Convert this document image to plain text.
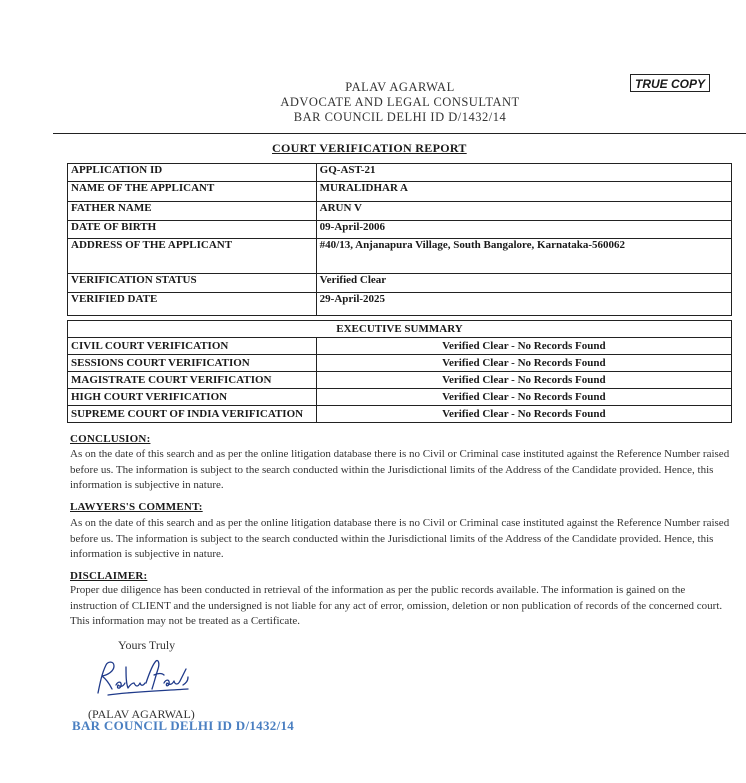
PALAV AGARWAL
ADVOCATE AND LEGAL CONSULTANT
BAR COUNCIL DELHI ID D/1432/14
TRUE COPY
COURT VERIFICATION REPORT
APPLICATION ID	GQ-AST-21
NAME OF THE APPLICANT	MURALIDHAR A
FATHER NAME	ARUN V
DATE OF BIRTH	09-April-2006
ADDRESS OF THE APPLICANT	#40/13, Anjanapura Village, South Bangalore, Karnataka-560062
VERIFICATION STATUS	Verified Clear
VERIFIED DATE	29-April-2025
EXECUTIVE SUMMARY	
CIVIL COURT VERIFICATION	Verified Clear - No Records Found
SESSIONS COURT VERIFICATION	Verified Clear - No Records Found
MAGISTRATE COURT VERIFICATION	Verified Clear - No Records Found
HIGH COURT VERIFICATION	Verified Clear - No Records Found
SUPREME COURT OF INDIA VERIFICATION	Verified Clear - No Records Found
CONCLUSION:
As on the date of this search and as per the online litigation database there is no Civil or Criminal case instituted against the Reference Number raised before us. The information is subject to the search conducted within the Jurisdictional limits of the Address of the Candidate provided. Hence, this information is subjective in nature.
LAWYERS'S COMMENT:
As on the date of this search and as per the online litigation database there is no Civil or Criminal case instituted against the Reference Number raised before us. The information is subject to the search conducted within the Jurisdictional limits of the Address of the Candidate provided. Hence, this information is subjective in nature.
DISCLAIMER:
Proper due diligence has been conducted in retrieval of the information as per the public records available. The information is gained on the instruction of CLIENT and the undersigned is not liable for any act of error, omission, deletion or non publication of records of the concerned court. This information may not be treated as a Certificate.
Yours Truly
(PALAV AGARWAL)
BAR COUNCIL DELHI ID D/1432/14
